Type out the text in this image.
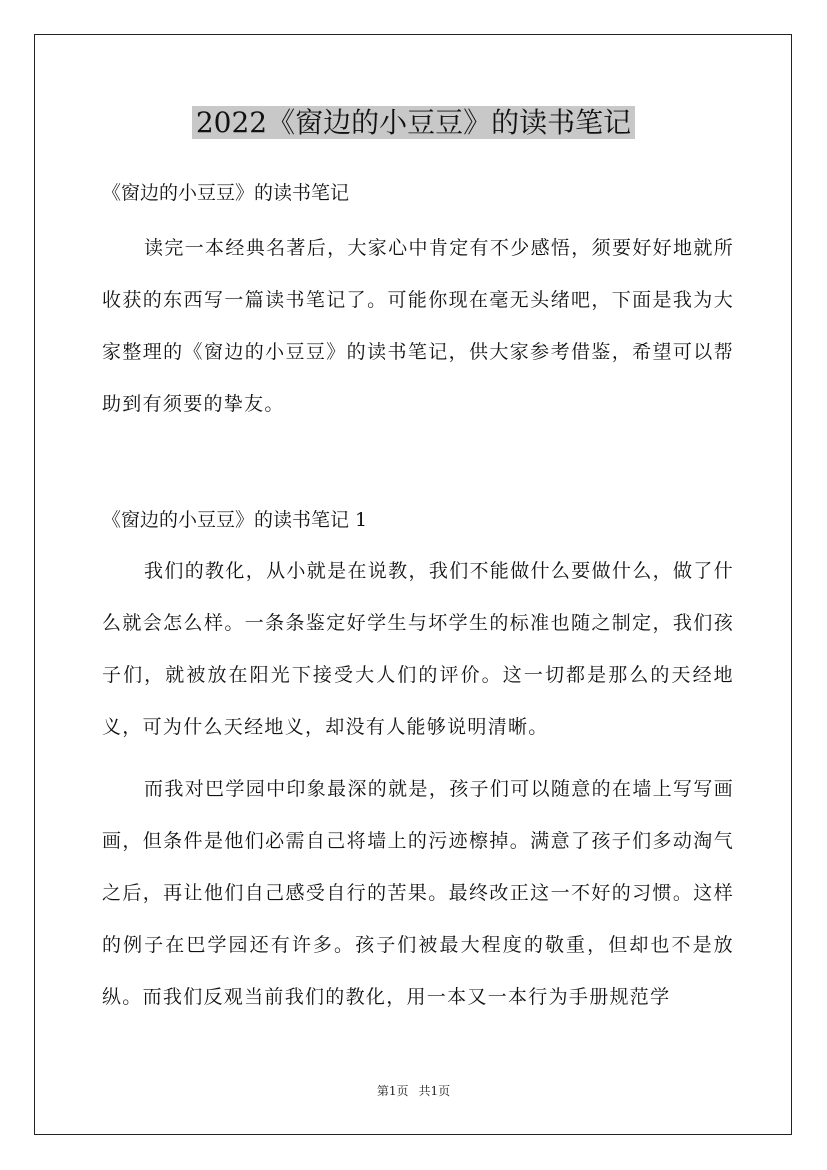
2022《窗边的小豆豆》的读书笔记

《窗边的小豆豆》的读书笔记

读完一本经典名著后，大家心中肯定有不少感悟，须要好好地就所收获的东西写一篇读书笔记了。可能你现在毫无头绪吧，下面是我为大家整理的《窗边的小豆豆》的读书笔记，供大家参考借鉴，希望可以帮助到有须要的挚友。

《窗边的小豆豆》的读书笔记 1

我们的教化，从小就是在说教，我们不能做什么要做什么，做了什么就会怎么样。一条条鉴定好学生与坏学生的标准也随之制定，我们孩子们，就被放在阳光下接受大人们的评价。这一切都是那么的天经地义，可为什么天经地义，却没有人能够说明清晰。

而我对巴学园中印象最深的就是，孩子们可以随意的在墙上写写画画，但条件是他们必需自己将墙上的污迹檫掉。满意了孩子们多动淘气之后，再让他们自己感受自行的苦果。最终改正这一不好的习惯。这样的例子在巴学园还有许多。孩子们被最大程度的敬重，但却也不是放纵。而我们反观当前我们的教化，用一本又一本行为手册规范学

第1页 共1页
